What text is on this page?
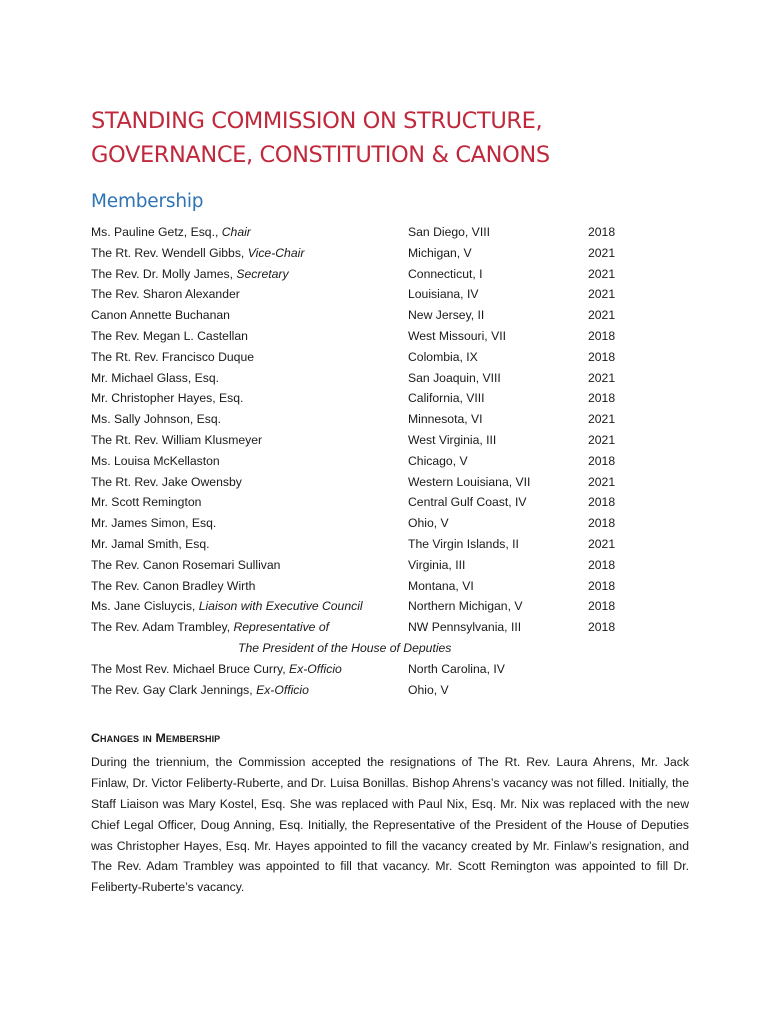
STANDING COMMISSION ON STRUCTURE,
GOVERNANCE, CONSTITUTION & CANONS
Membership
Ms. Pauline Getz, Esq., Chair	San Diego, VIII	2018
The Rt. Rev. Wendell Gibbs, Vice-Chair	Michigan, V	2021
The Rev. Dr. Molly James, Secretary	Connecticut, I	2021
The Rev. Sharon Alexander	Louisiana, IV	2021
Canon Annette Buchanan	New Jersey, II	2021
The Rev. Megan L. Castellan	West Missouri, VII	2018
The Rt. Rev. Francisco Duque	Colombia, IX	2018
Mr. Michael Glass, Esq.	San Joaquin, VIII	2021
Mr. Christopher Hayes, Esq.	California, VIII	2018
Ms. Sally Johnson, Esq.	Minnesota, VI	2021
The Rt. Rev. William Klusmeyer	West Virginia, III	2021
Ms. Louisa McKellaston	Chicago, V	2018
The Rt. Rev. Jake Owensby	Western Louisiana, VII	2021
Mr. Scott Remington	Central Gulf Coast, IV	2018
Mr. James Simon, Esq.	Ohio, V	2018
Mr. Jamal Smith, Esq.	The Virgin Islands, II	2021
The Rev. Canon Rosemari Sullivan	Virginia, III	2018
The Rev. Canon Bradley Wirth	Montana, VI	2018
Ms. Jane Cisluycis, Liaison with Executive Council	Northern Michigan, V	2018
The Rev. Adam Trambley, Representative of	NW Pennsylvania, III	2018
The President of the House of Deputies
The Most Rev. Michael Bruce Curry, Ex-Officio	North Carolina, IV
The Rev. Gay Clark Jennings, Ex-Officio	Ohio, V
Changes in Membership

During the triennium, the Commission accepted the resignations of The Rt. Rev. Laura Ahrens, Mr. Jack Finlaw, Dr. Victor Feliberty-Ruberte, and Dr. Luisa Bonillas. Bishop Ahrens’s vacancy was not filled. Initially, the Staff Liaison was Mary Kostel, Esq. She was replaced with Paul Nix, Esq. Mr. Nix was replaced with the new Chief Legal Officer, Doug Anning, Esq. Initially, the Representative of the President of the House of Deputies was Christopher Hayes, Esq. Mr. Hayes appointed to fill the vacancy created by Mr. Finlaw’s resignation, and The Rev. Adam Trambley was appointed to fill that vacancy. Mr. Scott Remington was appointed to fill Dr. Feliberty-Ruberte’s vacancy.
